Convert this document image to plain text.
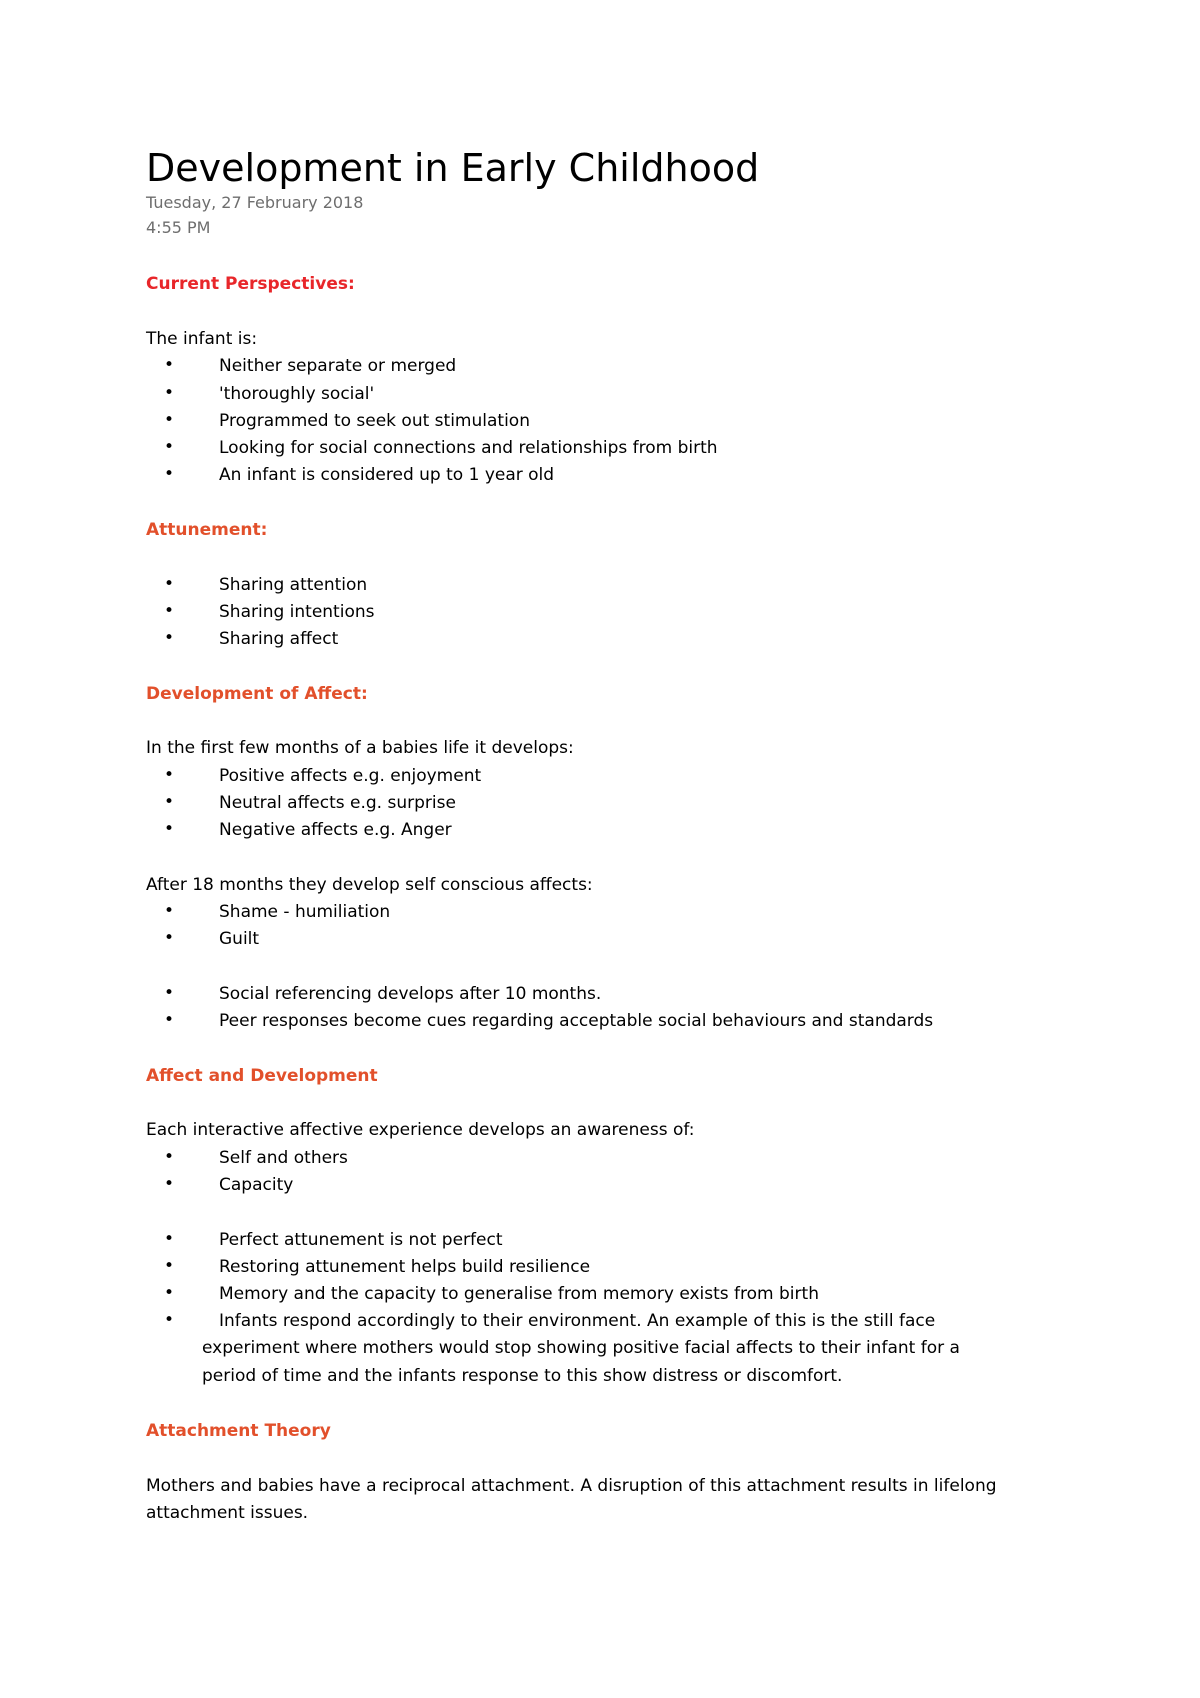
Development in Early Childhood
Tuesday, 27 February 2018
4:55 PM
Current Perspectives:
The infant is:
•	Neither separate or merged
•	'thoroughly social'
•	Programmed to seek out stimulation
•	Looking for social connections and relationships from birth
•	An infant is considered up to 1 year old
Attunement:
•	Sharing attention
•	Sharing intentions
•	Sharing affect
Development of Affect:
In the first few months of a babies life it develops:
•	Positive affects e.g. enjoyment
•	Neutral affects e.g. surprise
•	Negative affects e.g. Anger
After 18 months they develop self conscious affects:
•	Shame - humiliation
•	Guilt
•	Social referencing develops after 10 months.
•	Peer responses become cues regarding acceptable social behaviours and standards
Affect and Development
Each interactive affective experience develops an awareness of:
•	Self and others
•	Capacity
•	Perfect attunement is not perfect
•	Restoring attunement helps build resilience
•	Memory and the capacity to generalise from memory exists from birth
•	Infants respond accordingly to their environment. An example of this is the still face
experiment where mothers would stop showing positive facial affects to their infant for a
period of time and the infants response to this show distress or discomfort.
Attachment Theory
Mothers and babies have a reciprocal attachment. A disruption of this attachment results in lifelong
attachment issues.
